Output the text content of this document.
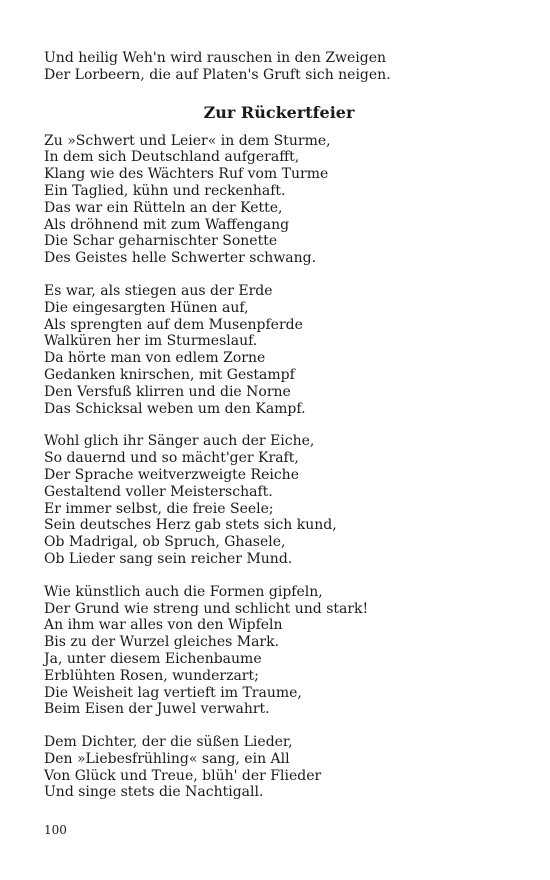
Und heilig Weh'n wird rauschen in den Zweigen

Der Lorbeern, die auf Platen's Gruft sich neigen.

Zur Rückertfeier

Zu »Schwert und Leier« in dem Sturme,

In dem sich Deutschland aufgerafft,

Klang wie des Wächters Ruf vom Turme

Ein Taglied, kühn und reckenhaft.

Das war ein Rütteln an der Kette,

Als dröhnend mit zum Waffengang

Die Schar geharnischter Sonette

Des Geistes helle Schwerter schwang.

Es war, als stiegen aus der Erde

Die eingesargten Hünen auf,

Als sprengten auf dem Musenpferde

Walküren her im Sturmeslauf.

Da hörte man von edlem Zorne

Gedanken knirschen, mit Gestampf

Den Versfuß klirren und die Norne

Das Schicksal weben um den Kampf.

Wohl glich ihr Sänger auch der Eiche,

So dauernd und so mächt'ger Kraft,

Der Sprache weitverzweigte Reiche

Gestaltend voller Meisterschaft.

Er immer selbst, die freie Seele;

Sein deutsches Herz gab stets sich kund,

Ob Madrigal, ob Spruch, Ghasele,

Ob Lieder sang sein reicher Mund.

Wie künstlich auch die Formen gipfeln,

Der Grund wie streng und schlicht und stark!

An ihm war alles von den Wipfeln

Bis zu der Wurzel gleiches Mark.

Ja, unter diesem Eichenbaume

Erblühten Rosen, wunderzart;

Die Weisheit lag vertieft im Traume,

Beim Eisen der Juwel verwahrt.

Dem Dichter, der die süßen Lieder,

Den »Liebesfrühling« sang, ein All

Von Glück und Treue, blüh' der Flieder

Und singe stets die Nachtigall.

100
